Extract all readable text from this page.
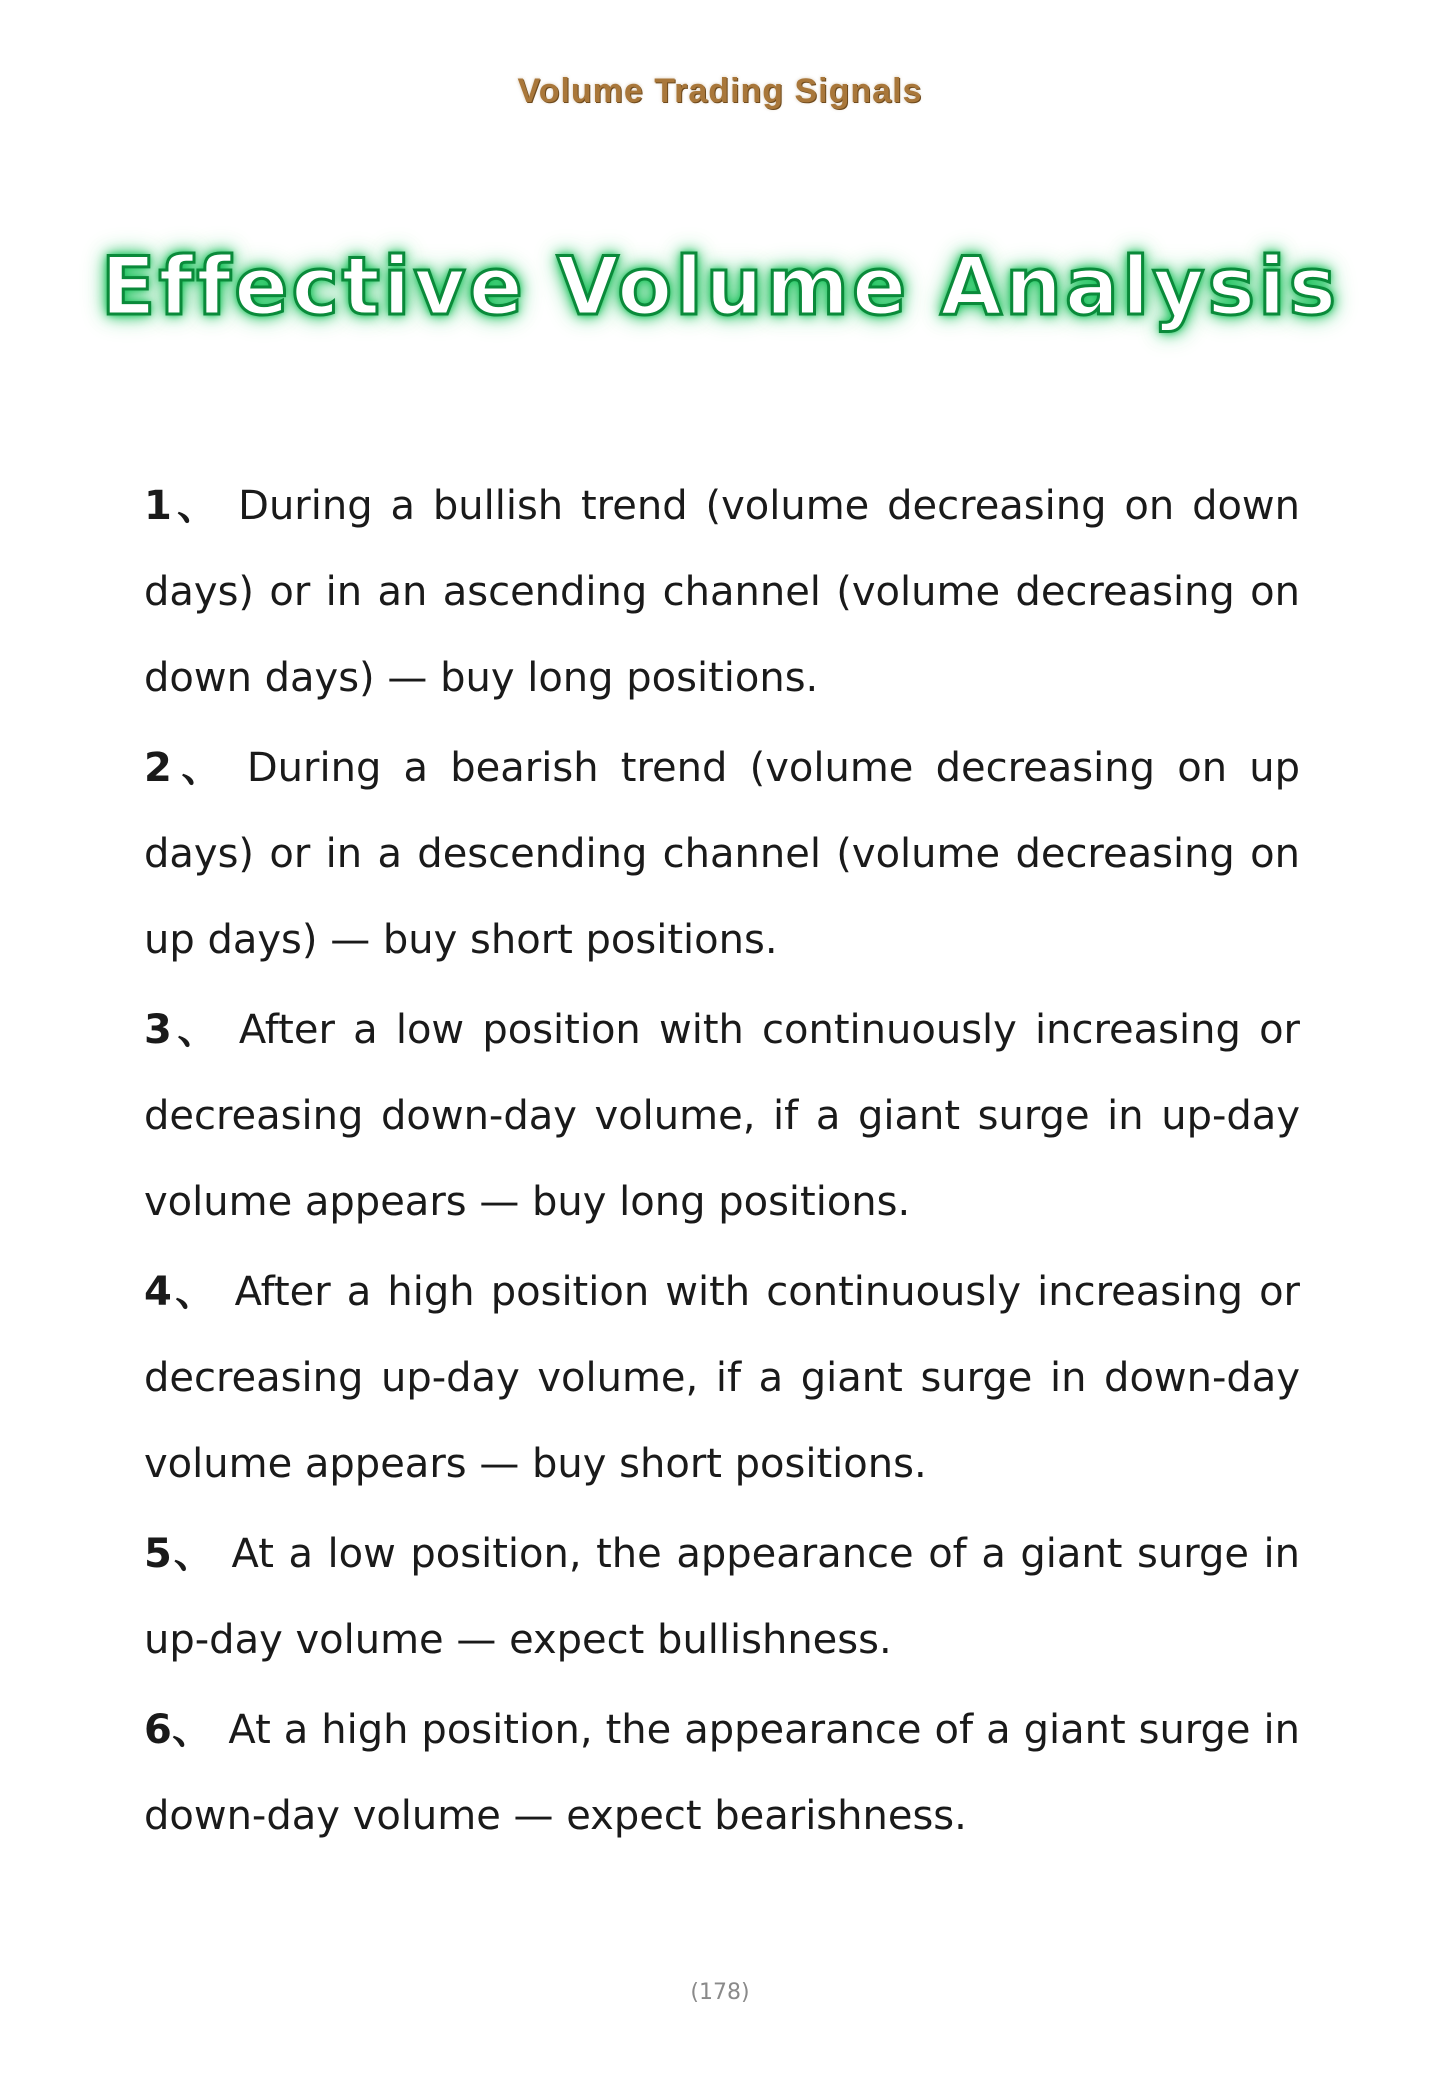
Volume Trading Signals
Effective Volume Analysis
1、 During a bullish trend (volume decreasing on down days) or in an ascending channel (volume decreasing on down days) — buy long positions.
2、 During a bearish trend (volume decreasing on up days) or in a descending channel (volume decreasing on up days) — buy short positions.
3、 After a low position with continuously increasing or decreasing down-day volume, if a giant surge in up-day volume appears — buy long positions.
4、 After a high position with continuously increasing or decreasing up-day volume, if a giant surge in down-day volume appears — buy short positions.
5、 At a low position, the appearance of a giant surge in up-day volume — expect bullishness.
6、 At a high position, the appearance of a giant surge in down-day volume — expect bearishness.
(178)
